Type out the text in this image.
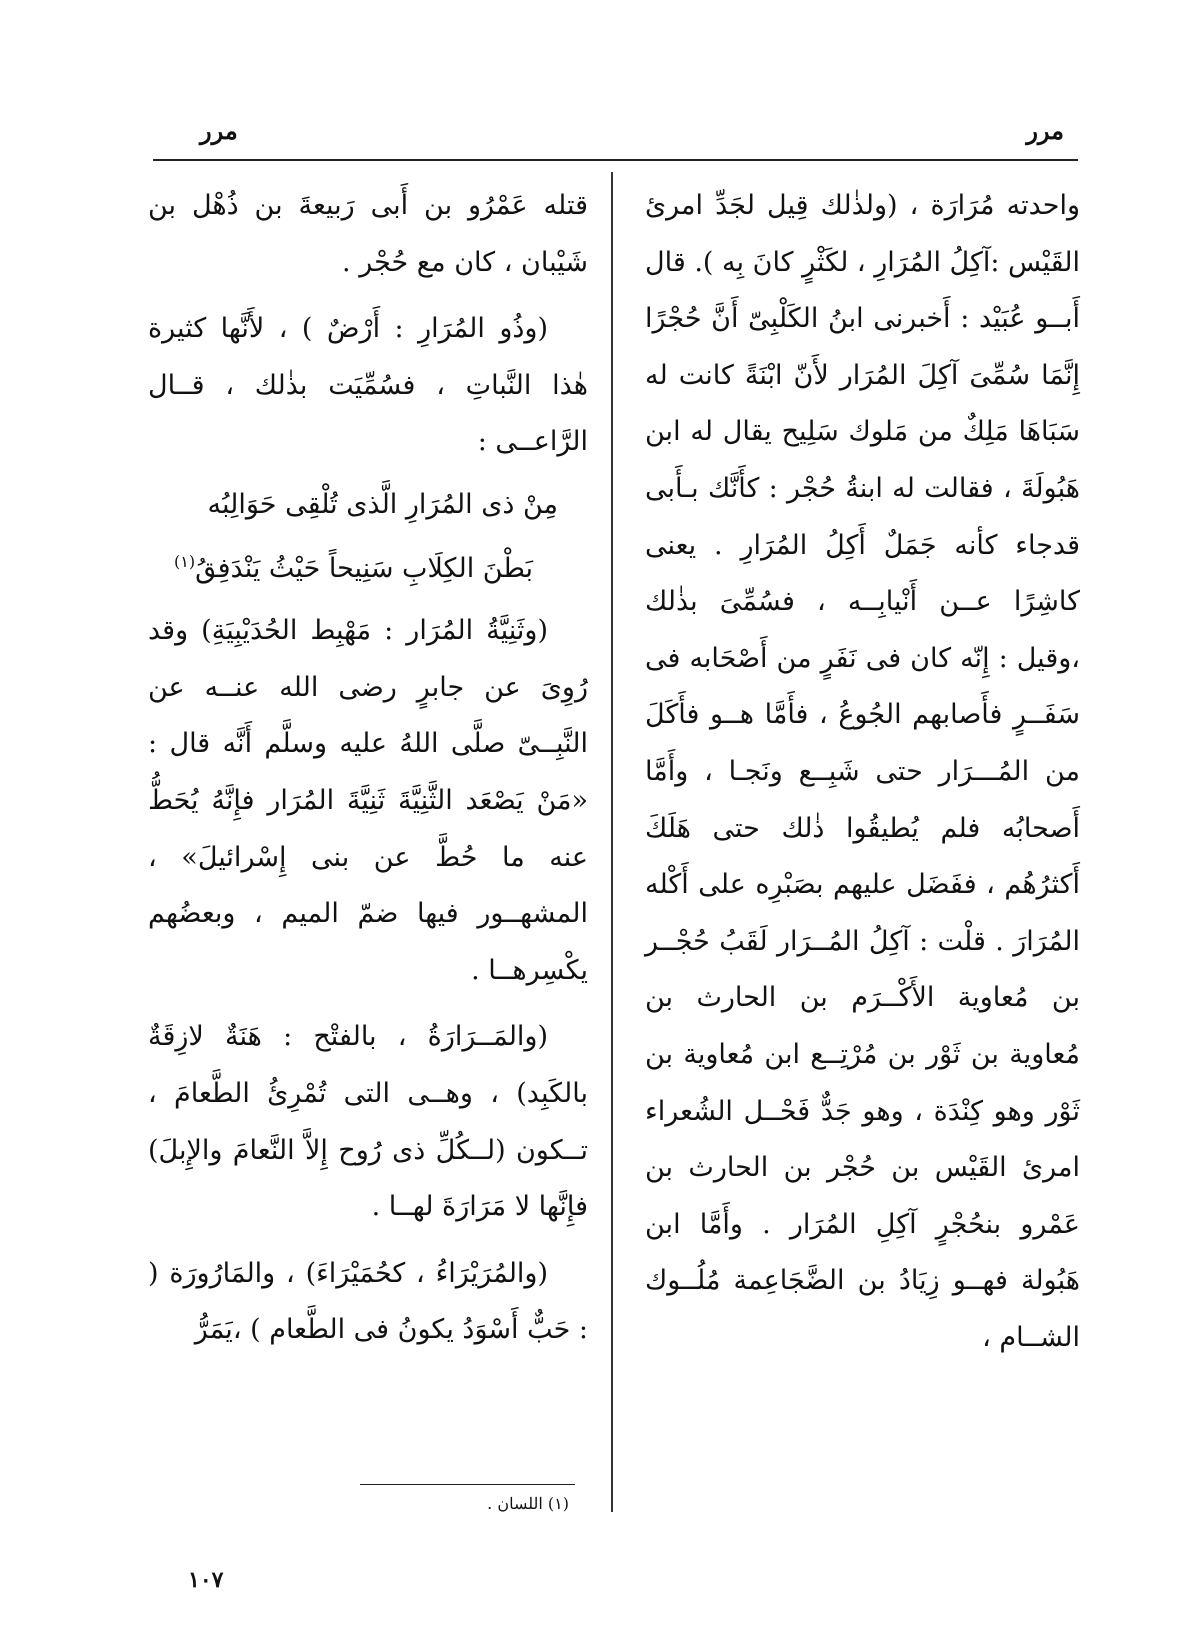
مرر
مرر

واحدته مُرَارَة ، (ولذٰلك قِيل لجَدِّ امرئ القَيْس :آكِلُ المُرَارِ ، لكَثْرٍ كانَ بِه ). قال أَبــو عُبَيْد : أَخبرنى ابنُ الكَلْبِىّ أَنَّ حُجْرًا إِنَّمَا سُمِّىَ آكِلَ المُرَار لأَنّ ابْنَةً كانت له سَبَاهَا مَلِكٌ من مَلوك سَلِيح يقال له ابن هَبُولَةَ ، فقالت له ابنةُ حُجْر : كأَنَّك بـأَبى قدجاء كأنه جَمَلٌ أَكِلُ المُرَارِ . يعنى كاشِرًا عــن أَنْيابِــه ، فسُمِّىَ بذٰلك ،وقيل : إِنّه كان فى نَفَرٍ من أَصْحَابه فى سَفَــرٍ فأَصابهم الجُوعُ ، فأَمَّا هــو فأَكَلَ من المُـــرَار حتى شَبِــع ونَجـا ، وأَمَّا أَصحابُه فلم يُطيقُوا ذٰلك حتى هَلَكَ أَكثرُهُم ، ففَضَل عليهم بصَبْرِه على أَكْله المُرَارَ . قلْت : آكِلُ المُــرَار لَقَبُ حُجْــر بن مُعاوية الأَكْــرَم بن الحارث بن مُعاوية بن ثَوْر بن مُرْتِــع ابن مُعاوية بن ثَوْر وهو كِنْدَة ، وهو جَدٌّ فَحْــل الشُعراء امرئ القَيْس بن حُجْر بن الحارث بن عَمْرو بنحُجْرٍ آكِلِ المُرَار . وأَمَّا ابن هَبُولة فهــو زِيَادُ بن الضَّجَاعِمة مُلُــوك الشــام ،

قتله عَمْرُو بن أَبى رَبيعةَ بن ذُهْل بن شَيْبان ، كان مع حُجْر .

(وذُو المُرَارِ : أَرْضٌ ) ، لأَنَّها كثيرة هٰذا النَّباتِ ، فسُمِّيَت بذٰلك ، قــال الرَّاعــى :

مِنْ ذى المُرَارِ الَّذى تُلْقِى حَوَالِبُه
بَطْنَ الكِلَابِ سَنِيحاً حَيْثُ يَنْدَفِقُ$^{(١)}$

(وثَنِيَّةُ المُرَار : مَهْبِط الحُدَيْبِيَةِ) وقد رُوِىَ عن جابرٍ رضى الله عنــه عن النَّبِــىّ صلَّى اللهُ عليه وسلَّم أَنَّه قال : «مَنْ يَصْعَد الثَّنِيَّةَ ثَنِيَّةَ المُرَار فإِنَّهُ يُحَطُّ عنه ما حُطَّ عن بنى إِسْرائيلَ» ، المشهــور فيها ضمّ الميم ، وبعضُهم يكْسِرهــا .

(والمَــرَارَةُ ، بالفتْح : هَنَةٌ لازِقَةٌ بالكَبِد) ، وهــى التى تُمْرِئُ الطَّعامَ ، تــكون (لــكُلِّ ذى رُوح إِلاَّ النَّعامَ والإِبلَ) فإِنَّها لا مَرَارَةَ لهــا .

(والمُرَيْرَاءُ ، كحُمَيْرَاءَ) ، والمَارُورَة ( : حَبٌّ أَسْوَدُ يكونُ فى الطَّعام ) ،يَمَرُّ

(١) اللسان .
١٠٧
